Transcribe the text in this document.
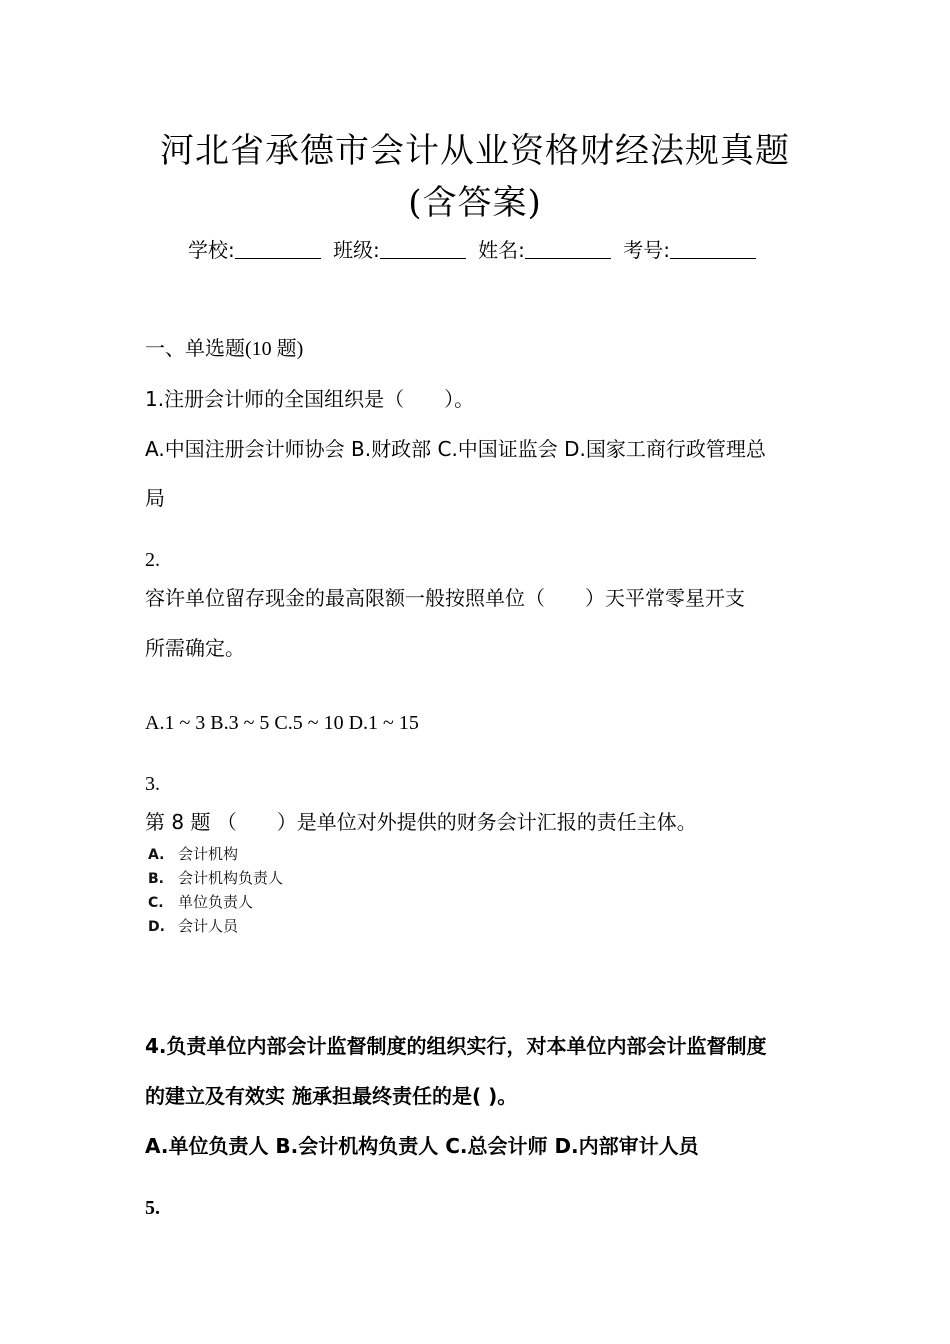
河北省承德市会计从业资格财经法规真题
(含答案)
学校:	班级:	姓名:	考号:
一、单选题(10 题)
1.注册会计师的全国组织是（　　）。
A.中国注册会计师协会 B.财政部 C.中国证监会 D.国家工商行政管理总
局
2.
容许单位留存现金的最高限额一般按照单位（　　）天平常零星开支
所需确定。
A.1 ~ 3 B.3 ~ 5 C.5 ~ 10 D.1 ~ 15
3.
第 8 题 （　　）是单位对外提供的财务会计汇报的责任主体。
A. 会计机构
B. 会计机构负责人
C. 单位负责人
D. 会计人员
4.负责单位内部会计监督制度的组织实行，对本单位内部会计监督制度
的建立及有效实 施承担最终责任的是( )。
A.单位负责人 B.会计机构负责人 C.总会计师 D.内部审计人员
5.
